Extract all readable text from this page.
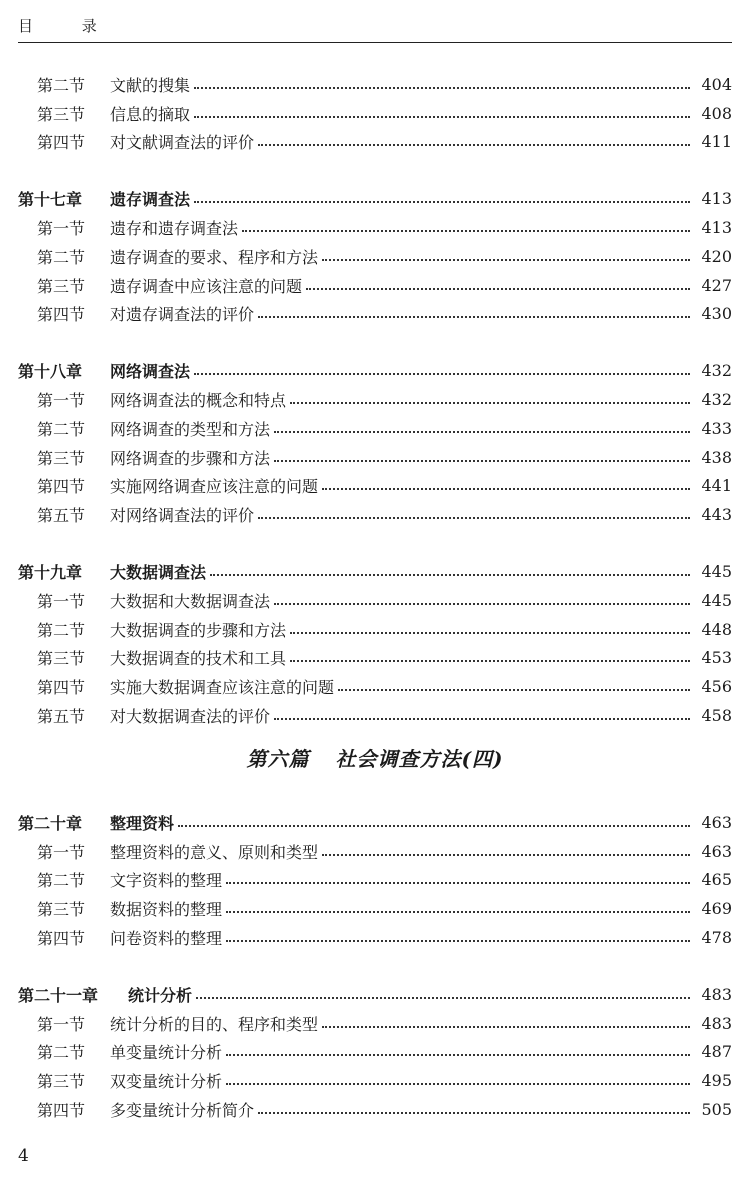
目 录
第二节	文献的搜集	404
第三节	信息的摘取	408
第四节	对文献调查法的评价	411
第十七章	遗存调查法	413
第一节	遗存和遗存调查法	413
第二节	遗存调查的要求、程序和方法	420
第三节	遗存调查中应该注意的问题	427
第四节	对遗存调查法的评价	430
第十八章	网络调查法	432
第一节	网络调查法的概念和特点	432
第二节	网络调查的类型和方法	433
第三节	网络调查的步骤和方法	438
第四节	实施网络调查应该注意的问题	441
第五节	对网络调查法的评价	443
第十九章	大数据调查法	445
第一节	大数据和大数据调查法	445
第二节	大数据调查的步骤和方法	448
第三节	大数据调查的技术和工具	453
第四节	实施大数据调查应该注意的问题	456
第五节	对大数据调查法的评价	458
第六篇 社会调查方法(四)
第二十章	整理资料	463
第一节	整理资料的意义、原则和类型	463
第二节	文字资料的整理	465
第三节	数据资料的整理	469
第四节	问卷资料的整理	478
第二十一章	统计分析	483
第一节	统计分析的目的、程序和类型	483
第二节	单变量统计分析	487
第三节	双变量统计分析	495
第四节	多变量统计分析简介	505
4
